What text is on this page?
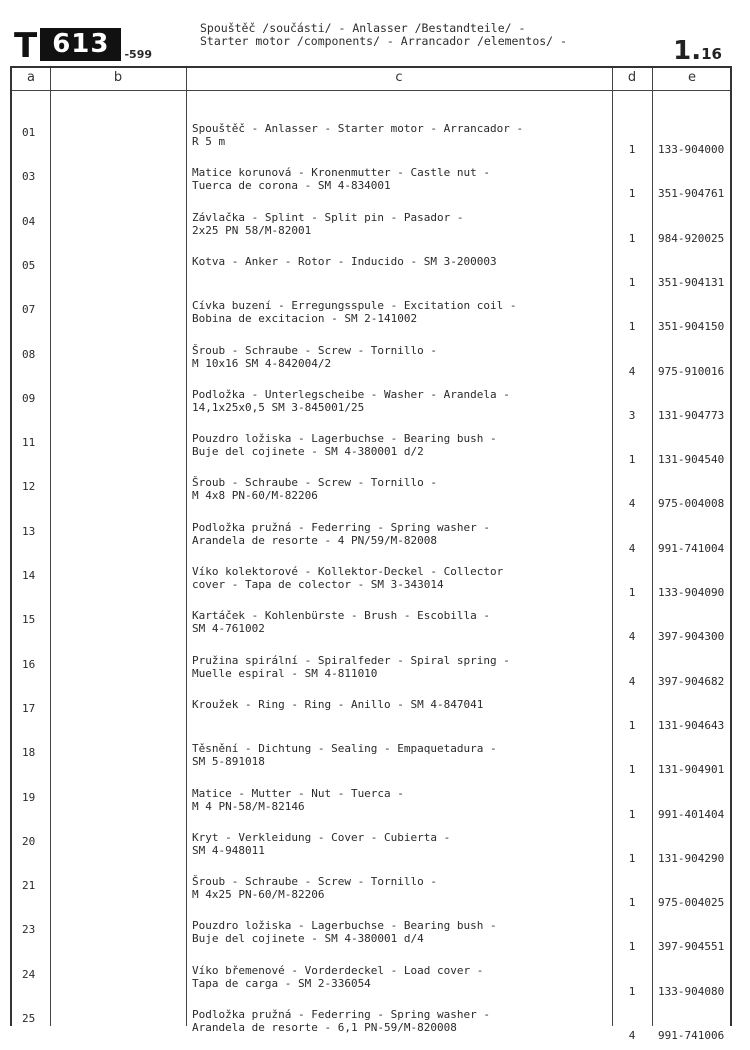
T 613	-599
Spouštěč /součásti/ - Anlasser /Bestandteile/ -
Starter motor /components/ - Arrancador /elementos/ -	1.16
a	b	c	d	e
01	Spouštěč - Anlasser - Starter motor - Arrancador -
R 5 m
1	133-904000
03	Matice korunová - Kronenmutter - Castle nut -
Tuerca de corona - SM 4-834001
1	351-904761
04	Závlačka - Splint - Split pin - Pasador -
2x25 PN 58/M-82001
1	984-920025
05	Kotva - Anker - Rotor - Inducido - SM 3-200003
1	351-904131
07	Cívka buzení - Erregungsspule - Excitation coil -
Bobina de excitacion - SM 2-141002
1	351-904150
08	Šroub - Schraube - Screw - Tornillo -
M 10x16 SM 4-842004/2
4	975-910016
09	Podložka - Unterlegscheibe - Washer - Arandela -
14,1x25x0,5 SM 3-845001/25
3	131-904773
11	Pouzdro ložiska - Lagerbuchse - Bearing bush -
Buje del cojinete - SM 4-380001 d/2
1	131-904540
12	Šroub - Schraube - Screw - Tornillo -
M 4x8 PN-60/M-82206
4	975-004008
13	Podložka pružná - Federring - Spring washer -
Arandela de resorte - 4 PN/59/M-82008
4	991-741004
14	Víko kolektorové - Kollektor-Deckel - Collector
cover - Tapa de colector - SM 3-343014
1	133-904090
15	Kartáček - Kohlenbürste - Brush - Escobilla -
SM 4-761002
4	397-904300
16	Pružina spirální - Spiralfeder - Spiral spring -
Muelle espiral - SM 4-811010
4	397-904682
17	Kroužek - Ring - Ring - Anillo - SM 4-847041
1	131-904643
18	Těsnění - Dichtung - Sealing - Empaquetadura -
SM 5-891018
1	131-904901
19	Matice - Mutter - Nut - Tuerca -
M 4 PN-58/M-82146
1	991-401404
20	Kryt - Verkleidung - Cover - Cubierta -
SM 4-948011
1	131-904290
21	Šroub - Schraube - Screw - Tornillo -
M 4x25 PN-60/M-82206
1	975-004025
23	Pouzdro ložiska - Lagerbuchse - Bearing bush -
Buje del cojinete - SM 4-380001 d/4
1	397-904551
24	Víko břemenové - Vorderdeckel - Load cover -
Tapa de carga - SM 2-336054
1	133-904080
25	Podložka pružná - Federring - Spring washer -
Arandela de resorte - 6,1 PN-59/M-820008
4	991-741006
